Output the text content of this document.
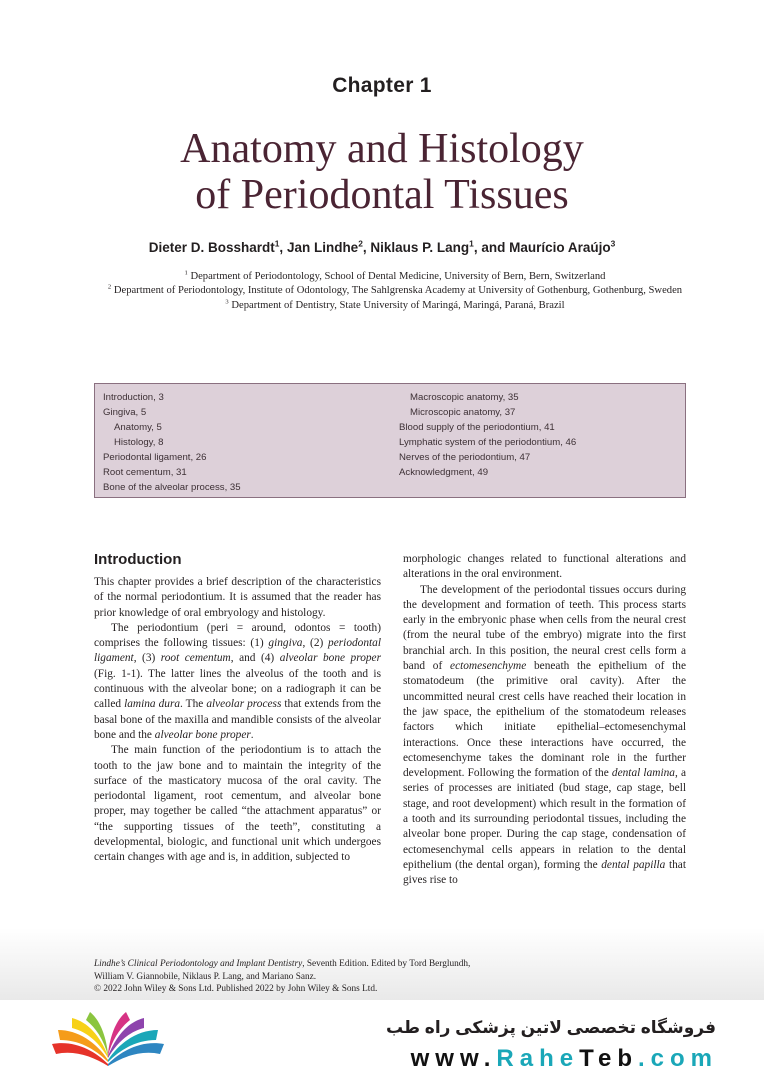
Chapter 1
Anatomy and Histology
of Periodontal Tissues
Dieter D. Bosshardt$^1$, Jan Lindhe$^2$, Niklaus P. Lang$^1$, and Maurício Araújo$^3$
$^1$ Department of Periodontology, School of Dental Medicine, University of Bern, Bern, Switzerland
$^2$ Department of Periodontology, Institute of Odontology, The Sahlgrenska Academy at University of Gothenburg, Gothenburg, Sweden
$^3$ Department of Dentistry, State University of Maringá, Maringá, Paraná, Brazil
Introduction, 3
Gingiva, 5
Anatomy, 5
Histology, 8
Periodontal ligament, 26
Root cementum, 31
Bone of the alveolar process, 35
Macroscopic anatomy, 35
Microscopic anatomy, 37
Blood supply of the periodontium, 41
Lymphatic system of the periodontium, 46
Nerves of the periodontium, 47
Acknowledgment, 49
Introduction

This chapter provides a brief description of the characteristics of the normal periodontium. It is assumed that the reader has prior knowledge of oral embryology and histology.

The periodontium (peri = around, odontos = tooth) comprises the following tissues: (1) gingiva, (2) periodontal ligament, (3) root cementum, and (4) alveolar bone proper (Fig. 1-1). The latter lines the alveolus of the tooth and is continuous with the alveolar bone; on a radiograph it can be called lamina dura. The alveolar process that extends from the basal bone of the maxilla and mandible consists of the alveolar bone and the alveolar bone proper.

The main function of the periodontium is to attach the tooth to the jaw bone and to maintain the integrity of the surface of the masticatory mucosa of the oral cavity. The periodontal ligament, root cementum, and alveolar bone proper, may together be called “the attachment apparatus” or “the supporting tissues of the teeth”, constituting a developmental, biologic, and functional unit which undergoes certain changes with age and is, in addition, subjected to

morphologic changes related to functional alterations and alterations in the oral environment.

The development of the periodontal tissues occurs during the development and formation of teeth. This process starts early in the embryonic phase when cells from the neural crest (from the neural tube of the embryo) migrate into the first branchial arch. In this position, the neural crest cells form a band of ectomesenchyme beneath the epithelium of the stomatodeum (the primitive oral cavity). After the uncommitted neural crest cells have reached their location in the jaw space, the epithelium of the stomatodeum releases factors which initiate epithelial–ectomesenchymal interactions. Once these interactions have occurred, the ectomesenchyme takes the dominant role in the further development. Following the formation of the dental lamina, a series of processes are initiated (bud stage, cap stage, bell stage, and root development) which result in the formation of a tooth and its surrounding periodontal tissues, including the alveolar bone proper. During the cap stage, condensation of ectomesenchymal cells appears in relation to the dental epithelium (the dental organ), forming the dental papilla that gives rise to

Lindhe’s Clinical Periodontology and Implant Dentistry, Seventh Edition. Edited by Tord Berglundh,
William V. Giannobile, Niklaus P. Lang, and Mariano Sanz.
© 2022 John Wiley & Sons Ltd. Published 2022 by John Wiley & Sons Ltd.
فروشگاه تخصصی لاتین پزشکی راه طب
www.RaheTeb.com
